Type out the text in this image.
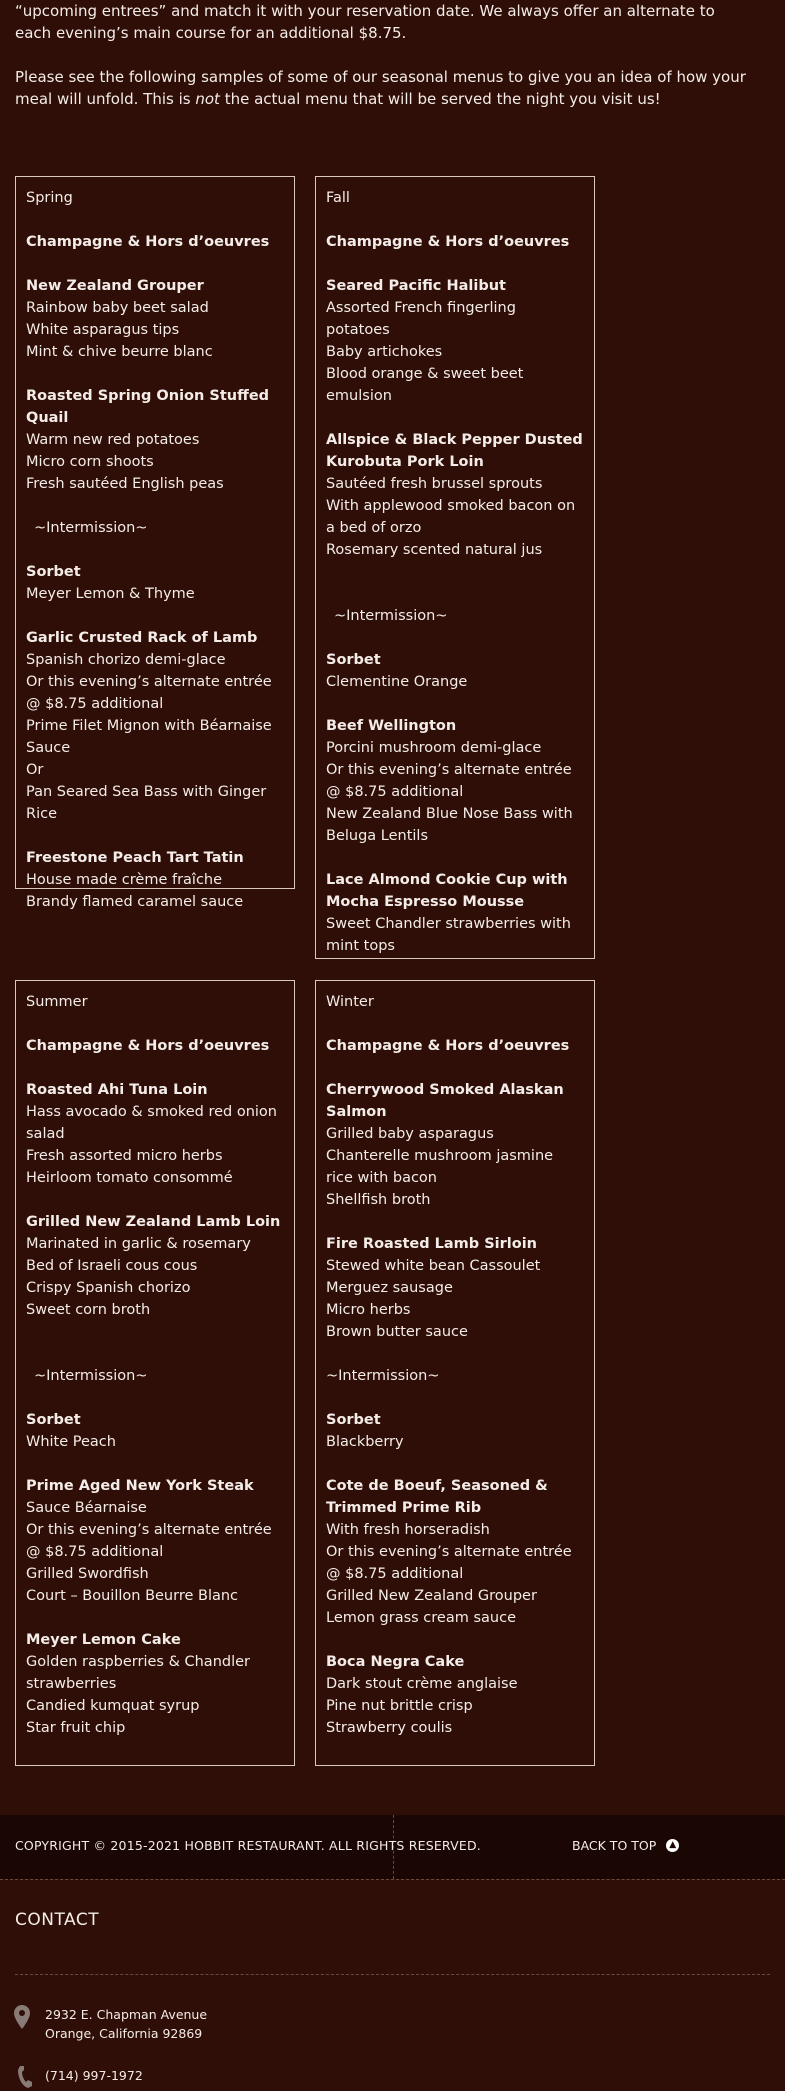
“upcoming entrees” and match it with your reservation date. We always offer an alternate to each evening’s main course for an additional $8.75.

Please see the following samples of some of our seasonal menus to give you an idea of how your meal will unfold. This is not the actual menu that will be served the night you visit us!

Spring
Champagne & Hors d’oeuvres
New Zealand Grouper
Rainbow baby beet salad
White asparagus tips
Mint & chive beurre blanc
Roasted Spring Onion Stuffed Quail
Warm new red potatoes
Micro corn shoots
Fresh sautéed English peas
~Intermission~
Sorbet
Meyer Lemon & Thyme
Garlic Crusted Rack of Lamb
Spanish chorizo demi-glace
Or this evening’s alternate entrée @ $8.75 additional
Prime Filet Mignon with Béarnaise Sauce
Or
Pan Seared Sea Bass with Ginger Rice
Freestone Peach Tart Tatin
House made crème fraîche
Brandy flamed caramel sauce
Fall
Champagne & Hors d’oeuvres
Seared Pacific Halibut
Assorted French fingerling potatoes
Baby artichokes
Blood orange & sweet beet emulsion
Allspice & Black Pepper Dusted Kurobuta Pork Loin
Sautéed fresh brussel sprouts
With applewood smoked bacon on a bed of orzo
Rosemary scented natural jus
~Intermission~
Sorbet
Clementine Orange
Beef Wellington
Porcini mushroom demi-glace
Or this evening’s alternate entrée @ $8.75 additional
New Zealand Blue Nose Bass with Beluga Lentils
Lace Almond Cookie Cup with Mocha Espresso Mousse
Sweet Chandler strawberries with mint tops
Summer
Champagne & Hors d’oeuvres
Roasted Ahi Tuna Loin
Hass avocado & smoked red onion salad
Fresh assorted micro herbs
Heirloom tomato consommé
Grilled New Zealand Lamb Loin
Marinated in garlic & rosemary
Bed of Israeli cous cous
Crispy Spanish chorizo
Sweet corn broth
~Intermission~
Sorbet
White Peach
Prime Aged New York Steak
Sauce Béarnaise
Or this evening’s alternate entrée @ $8.75 additional
Grilled Swordfish
Court – Bouillon Beurre Blanc
Meyer Lemon Cake
Golden raspberries & Chandler strawberries
Candied kumquat syrup
Star fruit chip
Winter
Champagne & Hors d’oeuvres
Cherrywood Smoked Alaskan Salmon
Grilled baby asparagus
Chanterelle mushroom jasmine rice with bacon
Shellfish broth
Fire Roasted Lamb Sirloin
Stewed white bean Cassoulet
Merguez sausage
Micro herbs
Brown butter sauce
~Intermission~
Sorbet
Blackberry
Cote de Boeuf, Seasoned & Trimmed Prime Rib
With fresh horseradish
Or this evening’s alternate entrée @ $8.75 additional
Grilled New Zealand Grouper
Lemon grass cream sauce
Boca Negra Cake
Dark stout crème anglaise
Pine nut brittle crisp
Strawberry coulis
COPYRIGHT © 2015-2021 HOBBIT RESTAURANT. ALL RIGHTS RESERVED.	BACK TO TOP	▲
CONTACT
2932 E. Chapman Avenue
Orange, California 92869
(714) 997-1972
